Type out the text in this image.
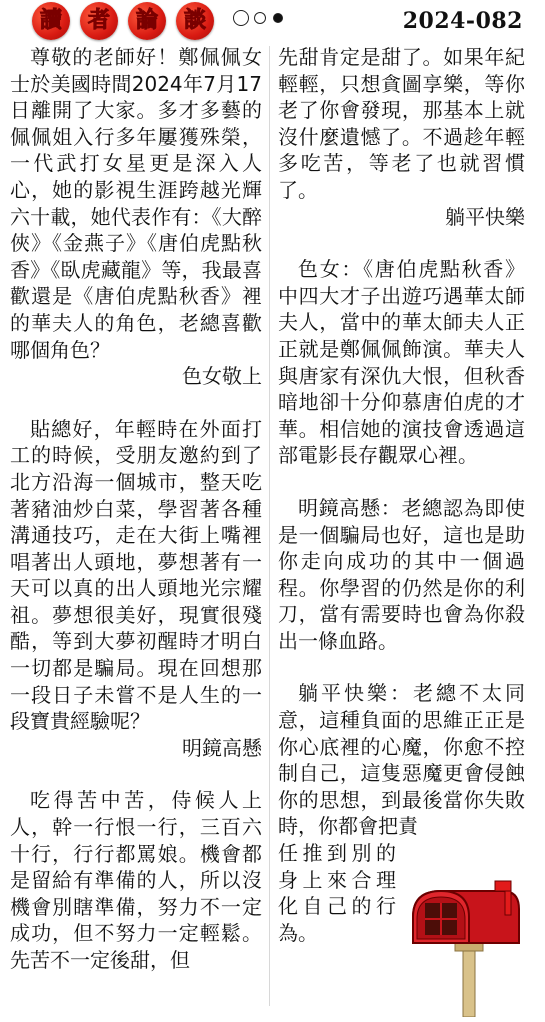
讀	者	論	談	2024-082

尊敬的老師好！鄭佩佩女士於美國時間2024年7月17日離開了大家。多才多藝的佩佩姐入行多年屢獲殊榮，一代武打女星更是深入人心，她的影視生涯跨越光輝六十載，她代表作有：《大醉俠》《金燕子》《唐伯虎點秋香》《臥虎藏龍》等，我最喜歡還是《唐伯虎點秋香》裡的華夫人的角色，老總喜歡哪個角色？

色女敬上

貼總好，年輕時在外面打工的時候，受朋友邀約到了北方沿海一個城市，整天吃著豬油炒白菜，學習著各種溝通技巧，走在大街上嘴裡唱著出人頭地，夢想著有一天可以真的出人頭地光宗耀祖。夢想很美好，現實很殘酷，等到大夢初醒時才明白一切都是騙局。現在回想那一段日子未嘗不是人生的一段寶貴經驗呢？

明鏡高懸

吃得苦中苦，侍候人上人，幹一行恨一行，三百六十行，行行都罵娘。機會都是留給有準備的人，所以沒機會別瞎準備，努力不一定成功，但不努力一定輕鬆。先苦不一定後甜，但

先甜肯定是甜了。如果年紀輕輕，只想貪圖享樂，等你老了你會發現，那基本上就沒什麼遺憾了。不過趁年輕多吃苦，等老了也就習慣了。

躺平快樂

色女：《唐伯虎點秋香》中四大才子出遊巧遇華太師夫人，當中的華太師夫人正正就是鄭佩佩飾演。華夫人與唐家有深仇大恨，但秋香暗地卻十分仰慕唐伯虎的才華。相信她的演技會透過這部電影長存觀眾心裡。

明鏡高懸：老總認為即使是一個騙局也好，這也是助你走向成功的其中一個過程。你學習的仍然是你的利刀，當有需要時也會為你殺出一條血路。

躺平快樂：老總不太同意，這種負面的思維正正是你心底裡的心魔，你愈不控制自己，這隻惡魔更會侵蝕你的思想，到最後當你失敗時，你都會把責

任推到別的身上來合理化自己的行為。
